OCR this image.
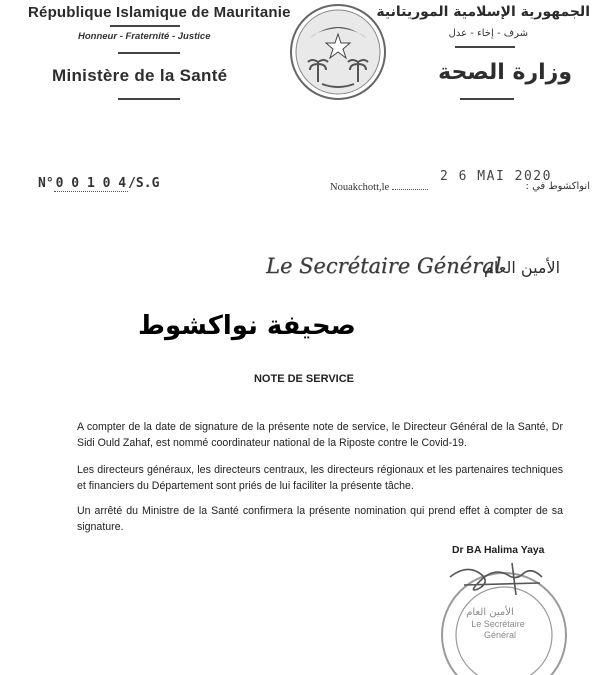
République Islamique de Mauritanie
Honneur - Fraternité - Justice
Ministère de la Santé
الجمهورية الإسلامية الموريتانية
شرف - إخاء - عدل
وزارة الصحة
N° 0 0 1 0 4 /S.G	Nouakchott,le
2 6 MAI 2020
انواكشوط في :
Le Secrétaire Général
الأمين العام
صحيفة نواكشوط
NOTE DE SERVICE
A compter de la date de signature de la présente note de service, le Directeur Général de la Santé, Dr Sidi Ould Zahaf, est nommé coordinateur national de la Riposte contre le Covid-19.
Les directeurs généraux, les directeurs centraux, les directeurs régionaux et les partenaires techniques et financiers du Département sont priés de lui faciliter la présente tâche.
Un arrêté du Ministre de la Santé confirmera la présente nomination qui prend effet à compter de sa signature.
Dr BA Halima Yaya
الأمين العام
Le Secrétaire
Général
